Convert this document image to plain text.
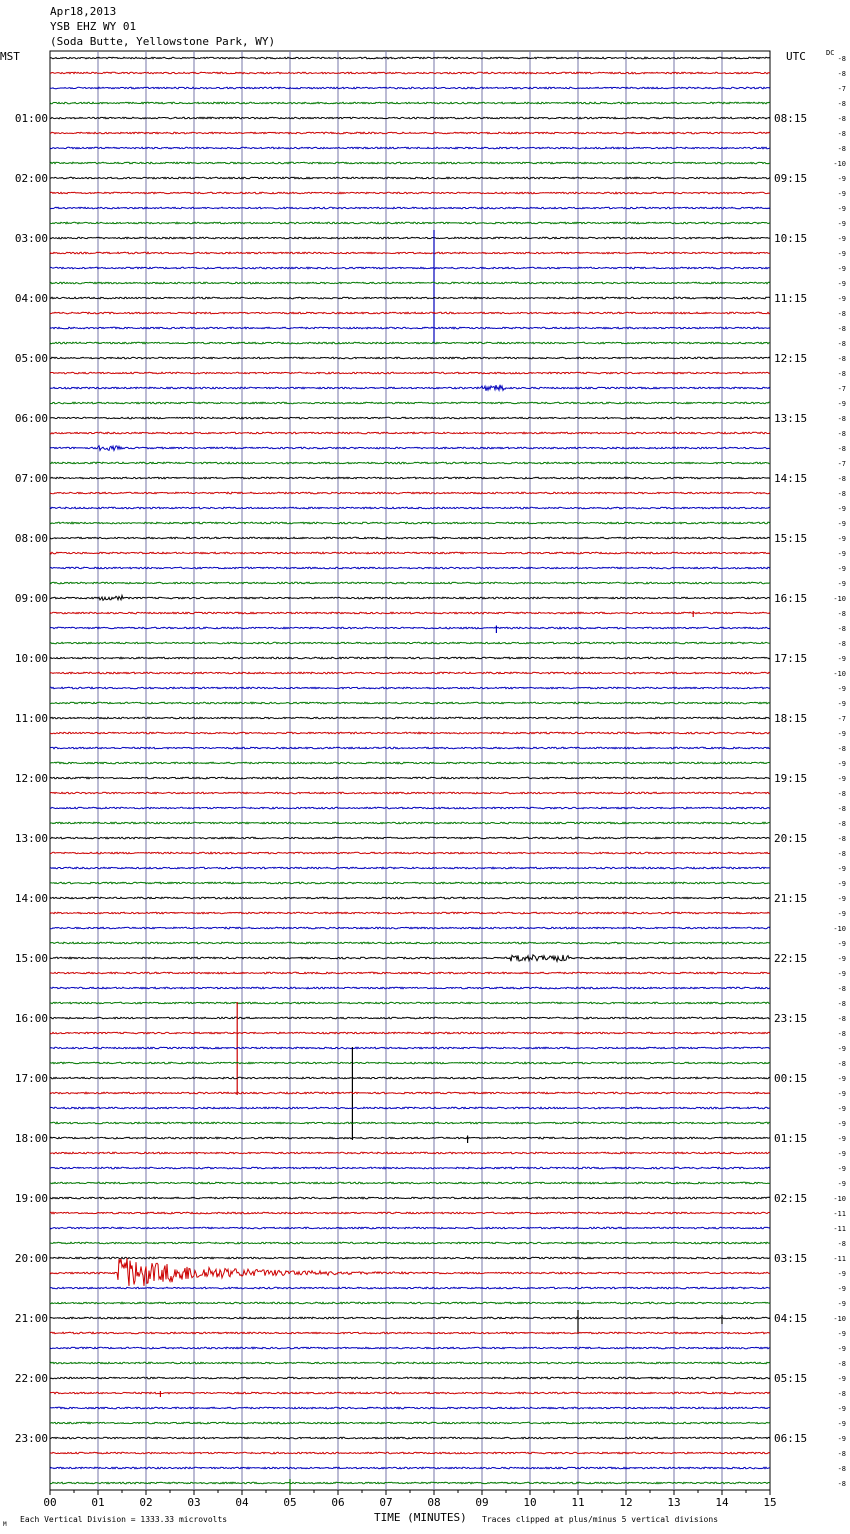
Apr18,2013
YSB EHZ WY 01
(Soda Butte, Yellowstone Park, WY)
MST	UTC	DC
00	01	02	03	04	05	06	07	08	09	10	11	12	13	14	15
-8
-8
-7
-8
-8
-8
-8
-10
-9
-9
-9
-9
-9
-9
-9
-9
-9
-8
-8
-8
-8
-8
-7
-9
-8
-8
-8
-7
-8
-8
-9
-9
-9
-9
-9
-9
-10
-8
-8
-8
-9
-10
-9
-9
-7
-9
-8
-9
-9
-8
-8
-8
-8
-8
-9
-9
-9
-9
-10
-9
-9
-9
-8
-8
-8
-8
-9
-8
-9
-9
-9
-9
-9
-9
-9
-9
-10
-11
-11
-8
-11
-9
-9
-9
-10
-9
-9
-8
-9
-8
-9
-9
-9
-8
-8
-8
01:00
02:00
03:00
04:00
05:00
06:00
07:00
08:00
09:00
10:00
11:00
12:00
13:00
14:00
15:00
16:00
17:00
18:00
19:00
20:00
21:00
22:00
23:00
08:15
09:15
10:15
11:15
12:15
13:15
14:15
15:15
16:15
17:15
18:15
19:15
20:15
21:15
22:15
23:15
00:15
01:15
02:15
03:15
04:15
05:15
06:15
TIME (MINUTES)
Each Vertical Division = 1333.33 microvolts	Traces clipped at plus/minus 5 vertical divisions
M
